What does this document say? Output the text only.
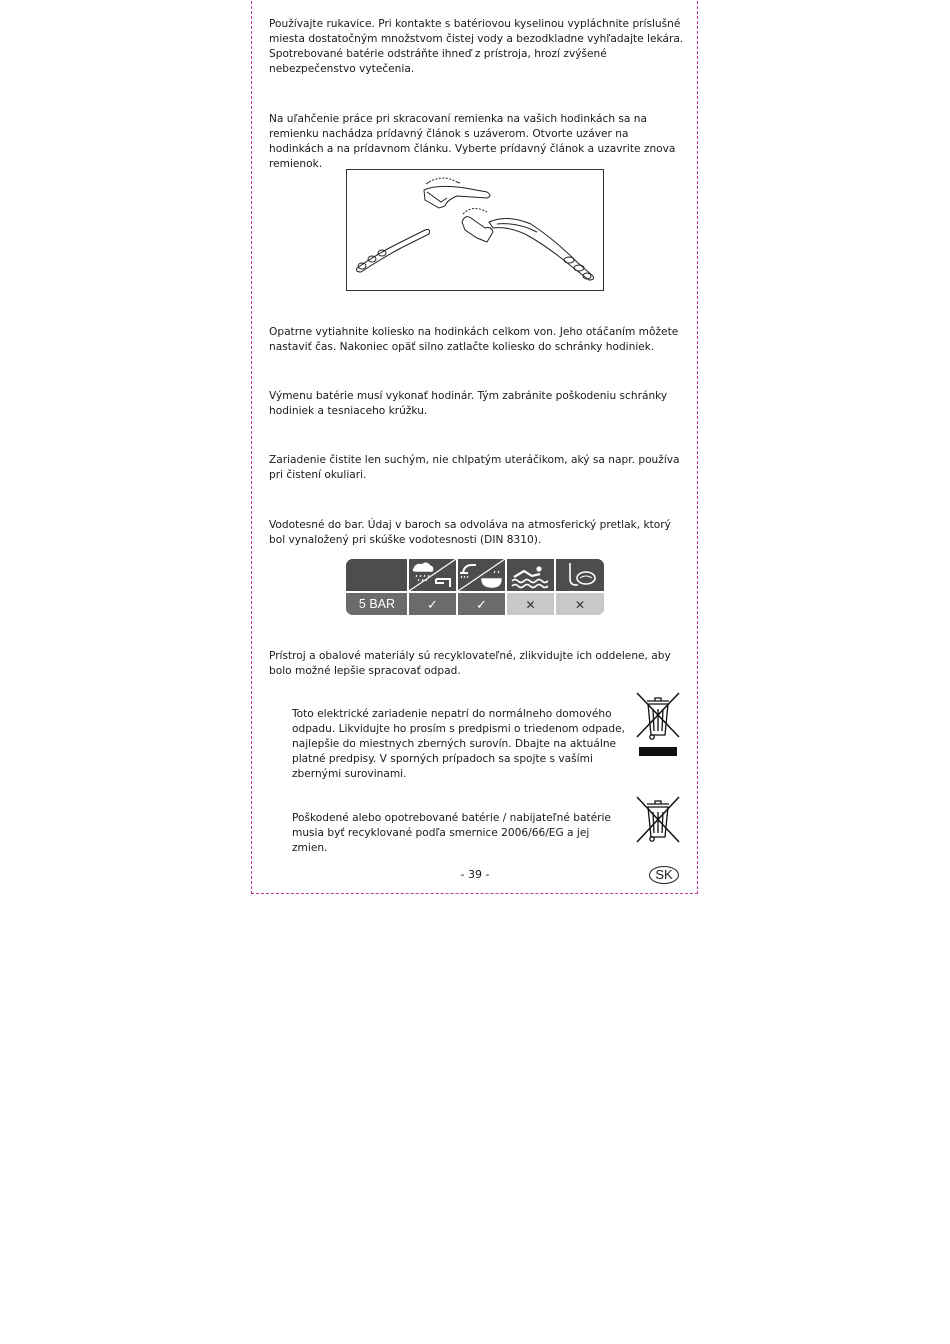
Používajte rukavice. Pri kontakte s batériovou kyselinou vypláchnite príslušné miesta dostatočným množstvom čistej vody a bezodkladne vyhľadajte lekára. Spotrebované batérie odstráňte ihneď z prístroja, hrozí zvýšené nebezpečenstvo vytečenia.

Na uľahčenie práce pri skracovaní remienka na vašich hodinkách sa na remienku nachádza prídavný článok s uzáverom. Otvorte uzáver na hodinkách a na prídavnom článku. Vyberte prídavný článok a uzavrite znova remienok.

Opatrne vytiahnite koliesko na hodinkách celkom von. Jeho otáčaním môžete nastaviť čas. Nakoniec opäť silno zatlačte koliesko do schránky hodiniek.

Výmenu batérie musí vykonať hodinár. Tým zabránite poškodeniu schránky hodiniek a tesniaceho krúžku.

Zariadenie čistite len suchým, nie chlpatým uteráčikom, aký sa napr. používa pri čistení okuliari.

Vodotesné do bar. Údaj v baroch sa odvoláva na atmosferický pretlak, ktorý bol vynaložený pri skúške vodotesnosti (DIN 8310).

5 BAR ✓	✓	✕	✕

Prístroj a obalové materiály sú recyklovateľné, zlikvidujte ich oddelene, aby bolo možné lepšie spracovať odpad.

Toto elektrické zariadenie nepatrí do normálneho domového odpadu. Likvidujte ho prosím s predpismi o triedenom odpade, najlepšie do miestnych zberných surovín. Dbajte na aktuálne platné predpisy. V sporných prípadoch sa spojte s vašími zbernými surovinami.

Poškodené alebo opotrebované batérie / nabijateľné batérie musia byť recyklované podľa smernice 2006/66/EG a jej zmien.

- 39 -	SK
